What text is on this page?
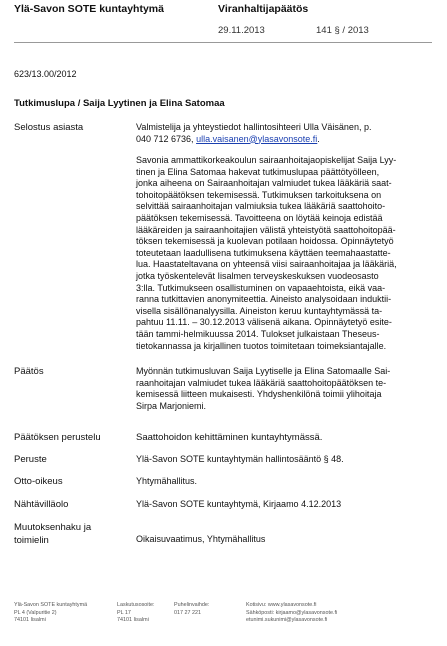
Ylä-Savon SOTE kuntayhtymä	Viranhaltijapäätös
29.11.2013	141 § / 2013
623/13.00/2012
Tutkimuslupa / Saija Lyytinen ja Elina Satomaa
Selostus asiasta	Valmistelija ja yhteystiedot hallintosihteeri Ulla Väisänen, p.
040 712 6736, ulla.vaisanen@ylasavonsote.fi.
Savonia ammattikorkeakoulun sairaanhoitajaopiskelijat Saija Lyy-
tinen ja Elina Satomaa hakevat tutkimuslupaa päättötyölleen,
jonka aiheena on Sairaanhoitajan valmiudet tukea lääkäriä saat-
tohoitopäätöksen tekemisessä. Tutkimuksen tarkoituksena on
selvittää sairaanhoitajan valmiuksia tukea lääkäriä saattohoito-
päätöksen tekemisessä. Tavoitteena on löytää keinoja edistää
lääkäreiden ja sairaanhoitajien välistä yhteistyötä saattohoitopää-
töksen tekemisessä ja kuolevan potilaan hoidossa. Opinnäytetyö
toteutetaan laadullisena tutkimuksena käyttäen teemahaastatte-
lua. Haastateltavana on yhteensä viisi sairaanhoitajaa ja lääkäriä,
jotka työskentelevät Iisalmen terveyskeskuksen vuodeosasto
3:lla. Tutkimukseen osallistuminen on vapaaehtoista, eikä vaa-
ranna tutkittavien anonymiteettia. Aineisto analysoidaan induktii-
visella sisällönanalyysilla. Aineiston keruu kuntayhtymässä ta-
pahtuu 11.11. – 30.12.2013 välisenä aikana. Opinnäytetyö esite-
tään tammi-helmikuussa 2014. Tulokset julkaistaan Theseus-
tietokannassa ja kirjallinen tuotos toimitetaan toimeksiantajalle.
Päätös	Myönnän tutkimusluvan Saija Lyytiselle ja Elina Satomaalle Sai-
raanhoitajan valmiudet tukea lääkäriä saattohoitopäätöksen te-
kemisessä liitteen mukaisesti. Yhdyshenkilönä toimii ylihoitaja
Sirpa Marjoniemi.
Päätöksen perustelu	Saattohoidon kehittäminen kuntayhtymässä.
Peruste	Ylä-Savon SOTE kuntayhtymän hallintosääntö § 48.
Otto-oikeus	Yhtymähallitus.
Nähtävilläolo	Ylä-Savon SOTE kuntayhtymä, Kirjaamo 4.12.2013
Muutoksenhaku ja
toimielin	Oikaisuvaatimus, Yhtymähallitus
Ylä-Savon SOTE kuntayhtymä
PL 4 (Valpuritie 2)
74101 Iisalmi
Laskutusosoite:
PL 17
74101 Iisalmi
Puhelinvaihde:
017 27 221
Kotisivu: www.ylasavonsote.fi
Sähköposti: kirjaamo@ylasavonsote.fi
etunimi.sukunimi@ylasavonsote.fi
